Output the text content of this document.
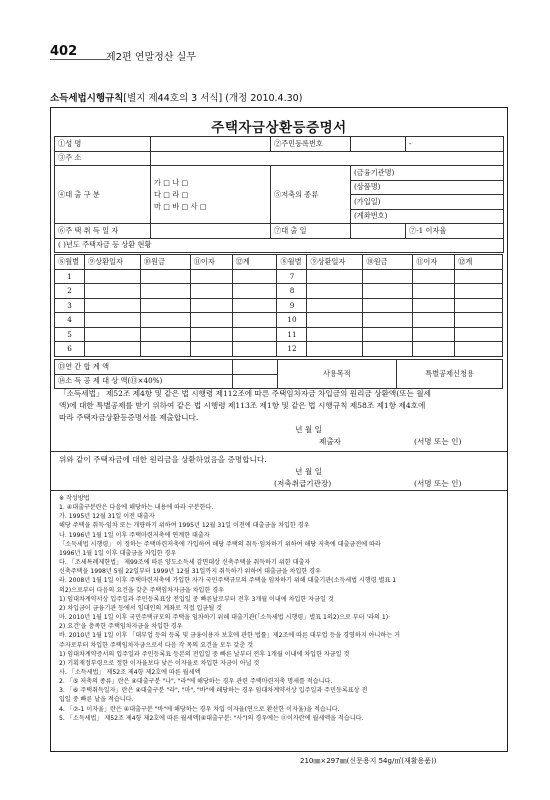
402	제2편 연말정산 실무
소득세법시행규칙[별지 제44호의 3 서식] (개정 2010.4.30)
주택자금상환등증명서
①성 명		②주민등록번호		-
③주 소				
④대 출 구 분	가 □ 나 □
다 □ 라 □
마 □ 바 □ 사 □	⑤저축의 종류	(금융기관명)	
			(상품명)	
			(가입일)	
			(계좌번호)	
⑥주 택 취 득 일 자		⑦대 출 일		⑦-1 이자율
( )년도 주택자금 등 상환 현황				
⑧월별	⑨상환일자	⑩원금	⑪이자	⑫계	⑧월별	⑨상환일자	⑩원금	⑪이자	⑫계
1					7				
2					8				
3					9				
4					10				
5					11				
6					12				
⑬연 간 합 계 액		사용목적	특별공제신청용
⑭소 득 공 제 대 상 액(⑬×40%)			
「소득세법」 제52조 제4항 및 같은 법 시행령 제112조에 따른 주택임차자금 차입금의 원리금 상환액(또는 월세
액)에 대한 특별공제를 받기 위하여 같은 법 시행령 제113조 제1항 및 같은 법 시행규칙 제58조 제1항 제4호에
따라 주택자금상환등증명서를 제출합니다.
년 월 일
제출자	(서명 또는 인)
위와 같이 주택자금에 대한 원리금을 상환하였음을 증명합니다.
년 월 일
(저축취급기관장)	(서명 또는 인)
※ 작성방법
1. ④대출구분란은 다음에 해당하는 내용에 따라 구분한다.
가. 1995년 12월 31일 이전 대출자
해당 주택을 취득·임차 또는 개량하기 위하여 1995년 12월 31일 이전에 대출금을 차입한 경우
나. 1996년 1월 1일 이후 주택마련저축에 연계한 대출자
「소득세법 시행령」 이 정하는 주택마련저축에 가입하여 해당 주택의 취득·임차하기 위하여 해당 저축에 대출금전에 따라
1996년 1월 1일 이후 대출금을 차입한 경우
다. 「조세특례제한법」 제99조에 따른 양도소득세 감면대상 신축주택을 취득하기 위한 대출자
신축주택을 1998년 5월 22일부터 1999년 12월 31일까지 취득하기 위하여 대출금을 차입한 경우
라. 2008년 1월 1일 이후 주택마련저축에 가입한 자가 국민주택규모의 주택을 임차하기 위해 대출기관(소득세법 시행령 별표 1
의2)으로부터 다음의 요건을 갖춘 주택임차자금을 차입한 경우
1) 임대차계약서상 입주일과 주민등록표상 전입일 중 빠른날로부터 전후 3개월 이내에 차입한 자금일 것
2) 차입금이 금융기관 등에서 임대인의 계좌로 직접 입금될 것
마. 2010년 1월 1일 이후 국민주택규모의 주택을 임차하기 위해 대출기관(「소득세법 시행령」별표 1의2)으로 부터 '라의 1)·
2) 요건'을 충족한 주택임차자금을 차입한 경우
바. 2010년 1월 1일 이후 「대부업 등의 등록 및 금융이용자 보호에 관한 법률」제2조에 따른 대부업 등을 경영하지 아니하는 거
주자로부터 차입한 주택임차자금으로서 다음 각 목의 요건을 모두 갖춘 것
1) 임대차계약증서의 입주일과 주민등록표 등본의 전입일 중 빠른 날부터 전후 1개월 이내에 차입한 자금일 것
2) 기획재정부령으로 정한 이자율보다 낮은 이자율로 차입한 자금이 아닐 것
사. 「소득세법」 제52조 제4항 제2호에 따른 월세액
2. 「⑤ 저축의 종류」란은 ④대출구분 "나", "라"에 해당하는 경우 관련 주택마련저축 명세를 적습니다.
3. 「⑥ 주택취득일자」란은 ④대출구분 "라", "마", "바"에 해당하는 경우 임대차계약서상 입주일과 주민등록표상 전
입일 중 빠른 날을 적습니다.
4. 「⑦-1 이자율」란은 ④대출구분 "바"에 해당하는 경우 차입 이자율(연으로 환산한 이자율)을 적습니다.
5. 「소득세법」 제52조 제4항 제2호에 따른 월세액(④대출구분: "사")의 경우에는 ⑪이자란에 월세액을 적습니다.
210㎜×297㎜(신문용지 54g/㎡(재활용품))
